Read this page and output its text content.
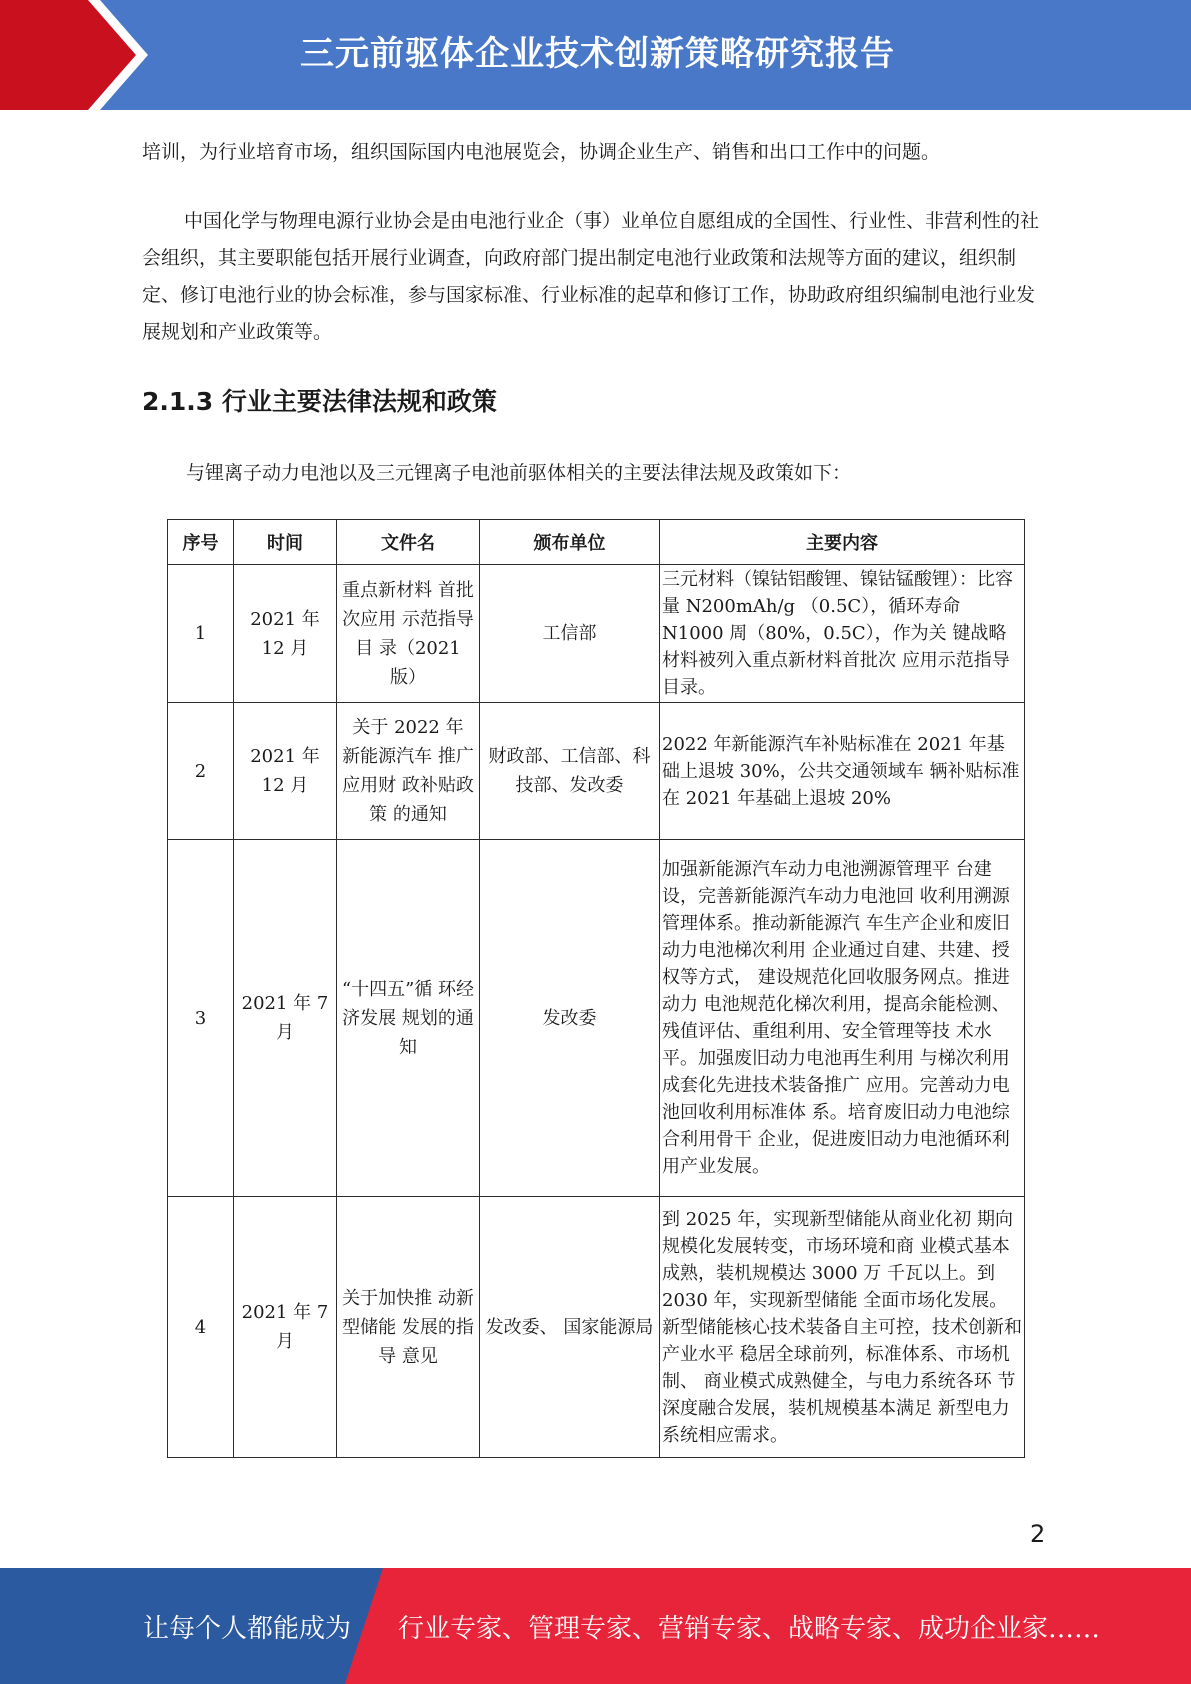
三元前驱体企业技术创新策略研究报告
培训，为行业培育市场，组织国际国内电池展览会，协调企业生产、销售和出口工作中的问题。
中国化学与物理电源行业协会是由电池行业企（事）业单位自愿组成的全国性、行业性、非营利性的社会组织，其主要职能包括开展行业调查，向政府部门提出制定电池行业政策和法规等方面的建议，组织制定、修订电池行业的协会标准，参与国家标准、行业标准的起草和修订工作，协助政府组织编制电池行业发展规划和产业政策等。
2.1.3 行业主要法律法规和政策
与锂离子动力电池以及三元锂离子电池前驱体相关的主要法律法规及政策如下：
序号	时间	文件名	颁布单位	主要内容
1	2021 年 12 月	重点新材料 首批次应用 示范指导目 录（2021 版）	工信部	三元材料（镍钴铝酸锂、镍钴锰酸锂）：比容量 N200mAh/g （0.5C），循环寿命 N1000 周（80%，0.5C），作为关 键战略材料被列入重点新材料首批次 应用示范指导目录。
2	2021 年 12 月	关于 2022 年 新能源汽车 推广应用财 政补贴政策 的通知	财政部、工信部、科技部、发改委	2022 年新能源汽车补贴标准在 2021 年基础上退坡 30%，公共交通领域车 辆补贴标准在 2021 年基础上退坡 20%
3	2021 年 7 月	“十四五”循 环经济发展 规划的通知	发改委	加强新能源汽车动力电池溯源管理平 台建设，完善新能源汽车动力电池回 收利用溯源管理体系。推动新能源汽 车生产企业和废旧动力电池梯次利用 企业通过自建、共建、授权等方式， 建设规范化回收服务网点。推进动力 电池规范化梯次利用，提高余能检测、 残值评估、重组利用、安全管理等技 术水平。加强废旧动力电池再生利用 与梯次利用成套化先进技术装备推广 应用。完善动力电池回收利用标准体 系。培育废旧动力电池综合利用骨干 企业，促进废旧动力电池循环利用产业发展。
4	2021 年 7 月	关于加快推 动新型储能 发展的指导 意见	发改委、 国家能源局	到 2025 年，实现新型储能从商业化初 期向规模化发展转变，市场环境和商 业模式基本成熟，装机规模达 3000 万 千瓦以上。到 2030 年，实现新型储能 全面市场化发展。新型储能核心技术装备自主可控，技术创新和产业水平 稳居全球前列，标准体系、市场机制、 商业模式成熟健全，与电力系统各环 节深度融合发展，装机规模基本满足 新型电力系统相应需求。
2
让每个人都能成为 行业专家、管理专家、营销专家、战略专家、成功企业家……
